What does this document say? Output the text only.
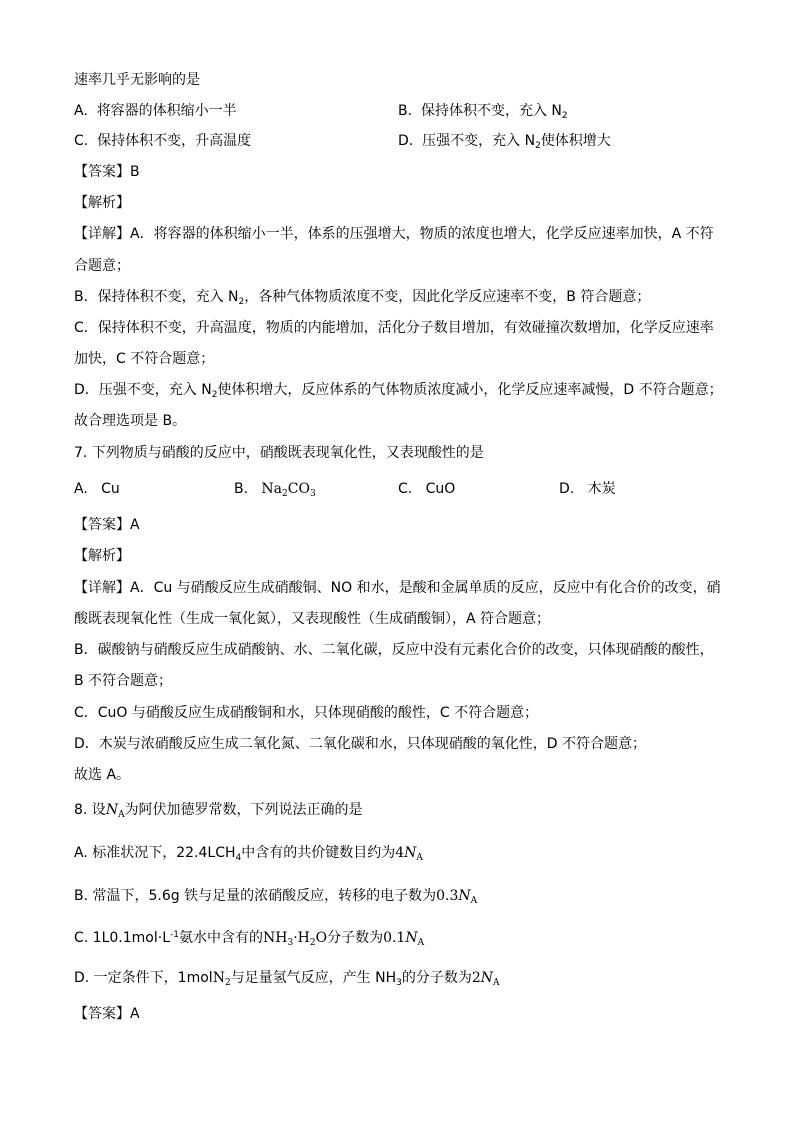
速率几乎无影响的是
A. 将容器的体积缩小一半	B. 保持体积不变，充入 $N_2$
C. 保持体积不变，升高温度	D. 压强不变，充入 $N_2$使体积增大
【答案】B
【解析】
【详解】A．将容器的体积缩小一半，体系的压强增大，物质的浓度也增大，化学反应速率加快，A 不符
合题意；
B．保持体积不变，充入 $N_2$，各种气体物质浓度不变，因此化学反应速率不变，B 符合题意；
C．保持体积不变，升高温度，物质的内能增加，活化分子数目增加，有效碰撞次数增加，化学反应速率
加快，C 不符合题意；
D．压强不变，充入 $N_2$使体积增大，反应体系的气体物质浓度减小，化学反应速率减慢，D 不符合题意；
故合理选项是 B。
7. 下列物质与硝酸的反应中，硝酸既表现氧化性，又表现酸性的是
A. Cu	B. $Na_2CO_3$	C. CuO	D. 木炭
【答案】A
【解析】
【详解】A．Cu 与硝酸反应生成硝酸铜、NO 和水，是酸和金属单质的反应，反应中有化合价的改变，硝
酸既表现氧化性（生成一氧化氮），又表现酸性（生成硝酸铜），A 符合题意；
B．碳酸钠与硝酸反应生成硝酸钠、水、二氧化碳，反应中没有元素化合价的改变，只体现硝酸的酸性，
B 不符合题意；
C．CuO 与硝酸反应生成硝酸铜和水，只体现硝酸的酸性，C 不符合题意；
D．木炭与浓硝酸反应生成二氧化氮、二氧化碳和水，只体现硝酸的氧化性，D 不符合题意；
故选 A。
8. 设$N_A$为阿伏加德罗常数，下列说法正确的是
A. 标准状况下，$22.4LCH_4$中含有的共价键数目约为$4N_A$
B. 常温下，5.6g 铁与足量的浓硝酸反应，转移的电子数为$0.3N_A$
C. $1L0.1mol\cdot L^{-1}$氨水中含有的$NH_3\cdot H_2O$分子数为$0.1N_A$
D. 一定条件下，1molN$_2$与足量氢气反应，产生 $NH_3$的分子数为$2N_A$
【答案】A
